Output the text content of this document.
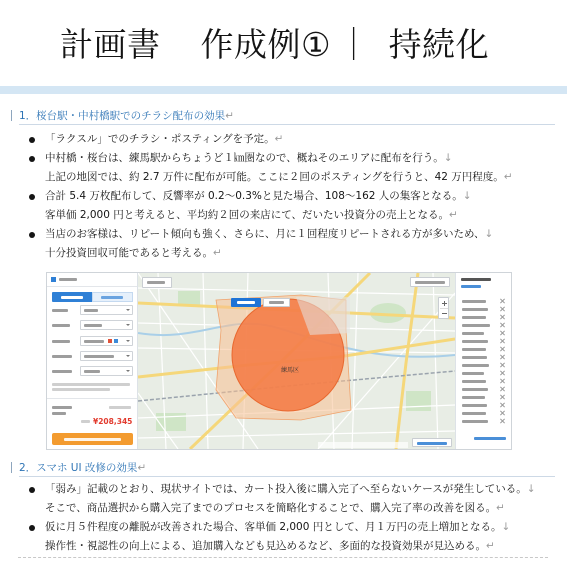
計画書 作成例① ｜ 持続化
1．桜台駅・中村橋駅でのチラシ配布の効果↵
「ラクスル」でのチラシ・ポスティングを予定。↵
中村橋・桜台は、練馬駅からちょうど１㎞圏なので、概ねそのエリアに配布を行う。↓
上記の地図では、約 2.7 万件に配布が可能。ここに２回のポスティングを行うと、42 万円程度。↵
合計 5.4 万枚配布して、反響率が 0.2～0.3%と見た場合、108～162 人の集客となる。↓
客単価 2,000 円と考えると、平均約２回の来店にて、だいたい投資分の売上となる。↵
当店のお客様は、リピート傾向も強く、さらに、月に１回程度リピートされる方が多いため、↓
十分投資回収可能であると考える。↵
¥208,345
練馬区
2．スマホ UI 改修の効果↵
「弱み」記載のとおり、現状サイトでは、カート投入後に購入完了へ至らないケースが発生している。↓
そこで、商品選択から購入完了までのプロセスを簡略化することで、購入完了率の改善を図る。↵
仮に月５件程度の離脱が改善された場合、客単価 2,000 円として、月１万円の売上増加となる。↓
操作性・視認性の向上による、追加購入なども見込めるなど、多面的な投資効果が見込める。↵
